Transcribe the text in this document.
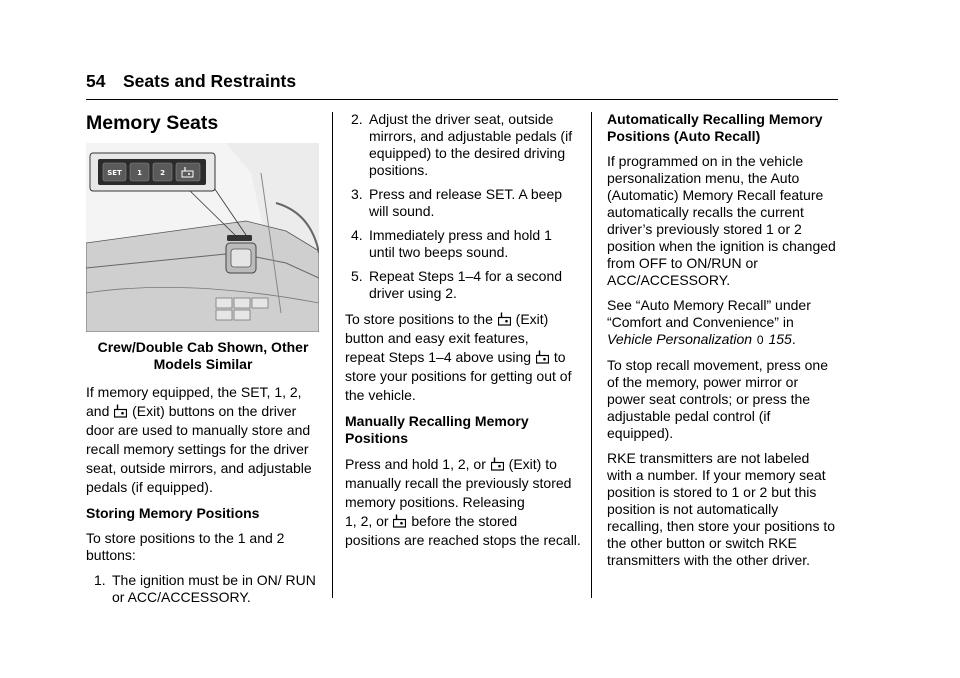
54 Seats and Restraints
Memory Seats
SET 1	2
Crew/Double Cab Shown, Other
Models Similar

If memory equipped, the SET, 1, 2,
and (Exit) buttons on the driver
door are used to manually store and recall memory settings for the driver seat, outside mirrors, and adjustable pedals (if equipped).

Storing Memory Positions

To store positions to the 1 and 2 buttons:

1. The ignition must be in ON/ RUN or ACC/ACCESSORY.
2. Adjust the driver seat, outside mirrors, and adjustable pedals (if equipped) to the desired driving positions.
3. Press and release SET. A beep will sound.
4. Immediately press and hold 1 until two beeps sound.
5. Repeat Steps 1–4 for a second driver using 2.

To store positions to the (Exit)
button and easy exit features,
repeat Steps 1–4 above using to
store your positions for getting out of the vehicle.

Manually Recalling Memory Positions

Press and hold 1, 2, or (Exit) to
manually recall the previously stored memory positions. Releasing
1, 2, or before the stored
positions are reached stops the recall.

Automatically Recalling Memory Positions (Auto Recall)

If programmed on in the vehicle personalization menu, the Auto (Automatic) Memory Recall feature automatically recalls the current driver’s previously stored 1 or 2 position when the ignition is changed from OFF to ON/RUN or ACC/ACCESSORY.

See “Auto Memory Recall” under “Comfort and Convenience” in Vehicle Personalization 0 155.

To stop recall movement, press one of the memory, power mirror or power seat controls; or press the adjustable pedal control (if equipped).

RKE transmitters are not labeled with a number. If your memory seat position is stored to 1 or 2 but this position is not automatically recalling, then store your positions to the other button or switch RKE transmitters with the other driver.
